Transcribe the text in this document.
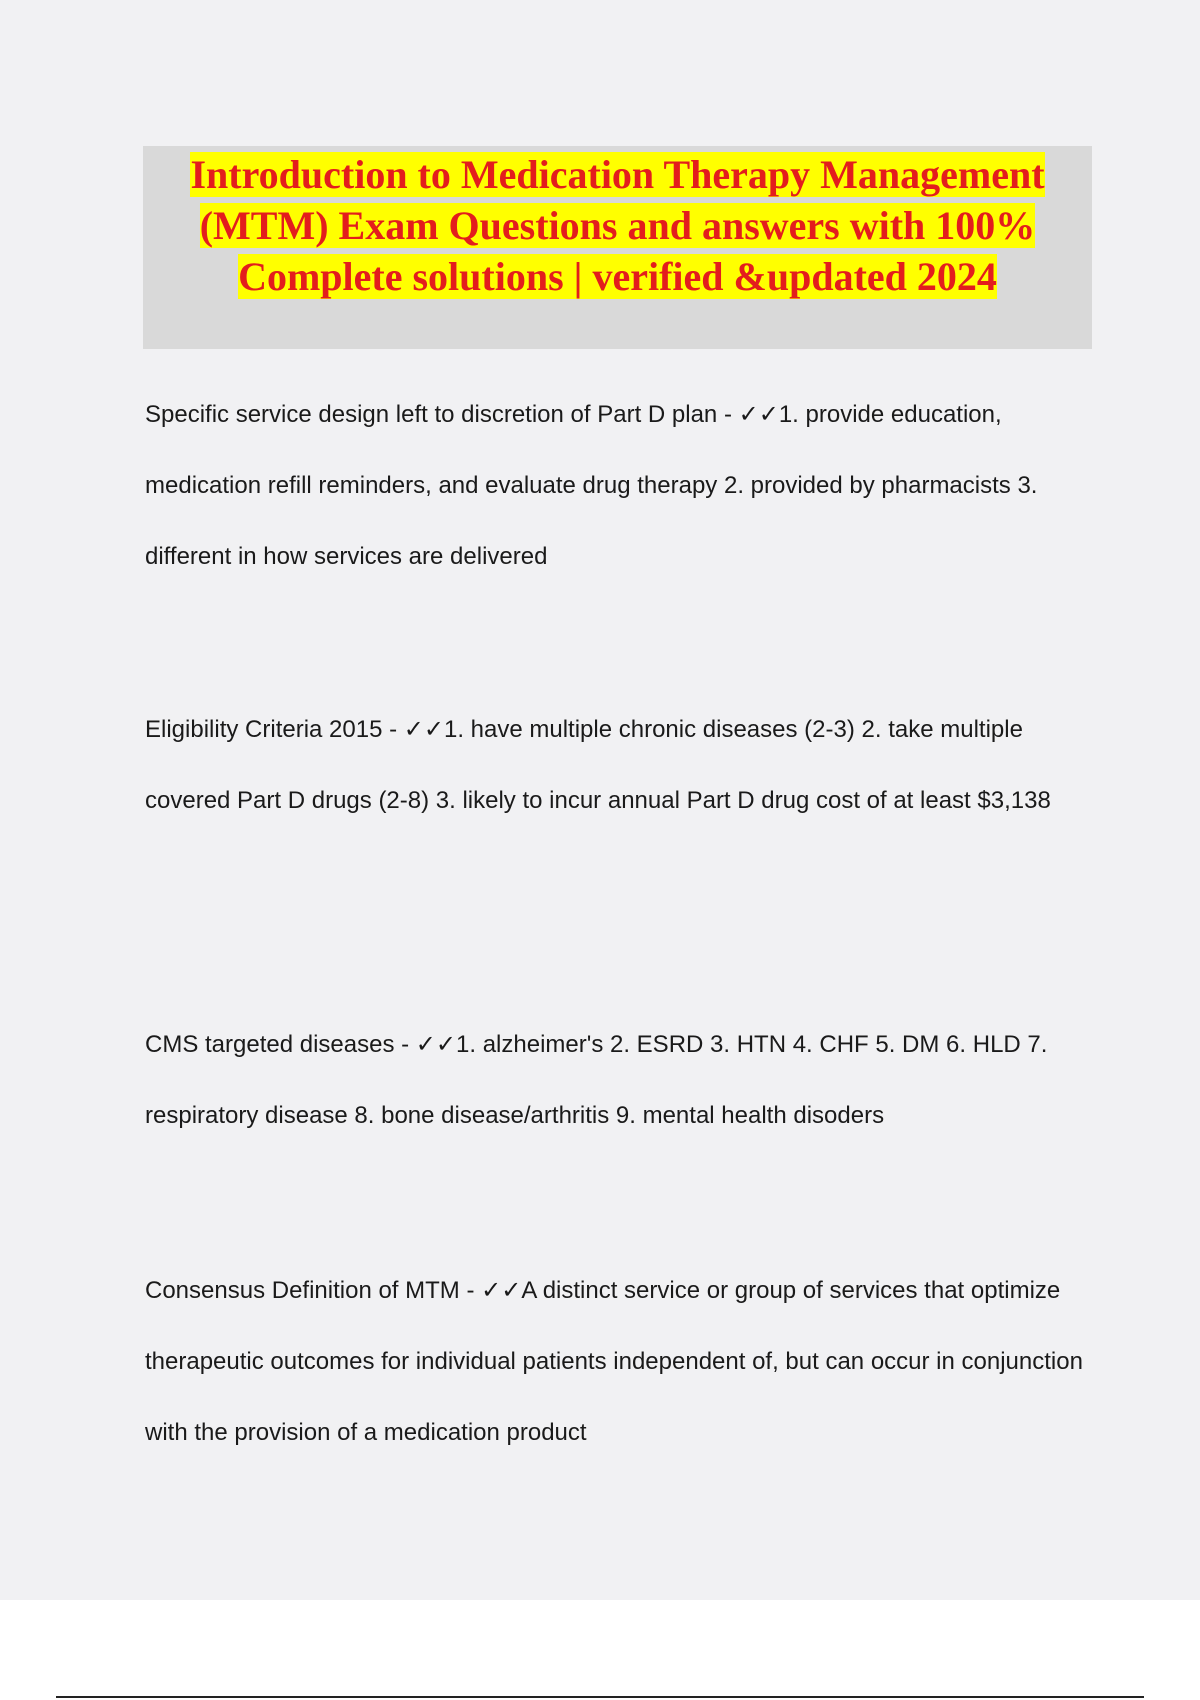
Introduction to Medication Therapy Management (MTM) Exam Questions and answers with 100% Complete solutions | verified &updated 2024

Specific service design left to discretion of Part D plan - ✓✓1. provide education, medication refill reminders, and evaluate drug therapy 2. provided by pharmacists 3. different in how services are delivered

Eligibility Criteria 2015 - ✓✓1. have multiple chronic diseases (2-3) 2. take multiple covered Part D drugs (2-8) 3. likely to incur annual Part D drug cost of at least $3,138

CMS targeted diseases - ✓✓1. alzheimer's 2. ESRD 3. HTN 4. CHF 5. DM 6. HLD 7. respiratory disease 8. bone disease/arthritis 9. mental health disoders

Consensus Definition of MTM - ✓✓A distinct service or group of services that optimize therapeutic outcomes for individual patients independent of, but can occur in conjunction with the provision of a medication product
